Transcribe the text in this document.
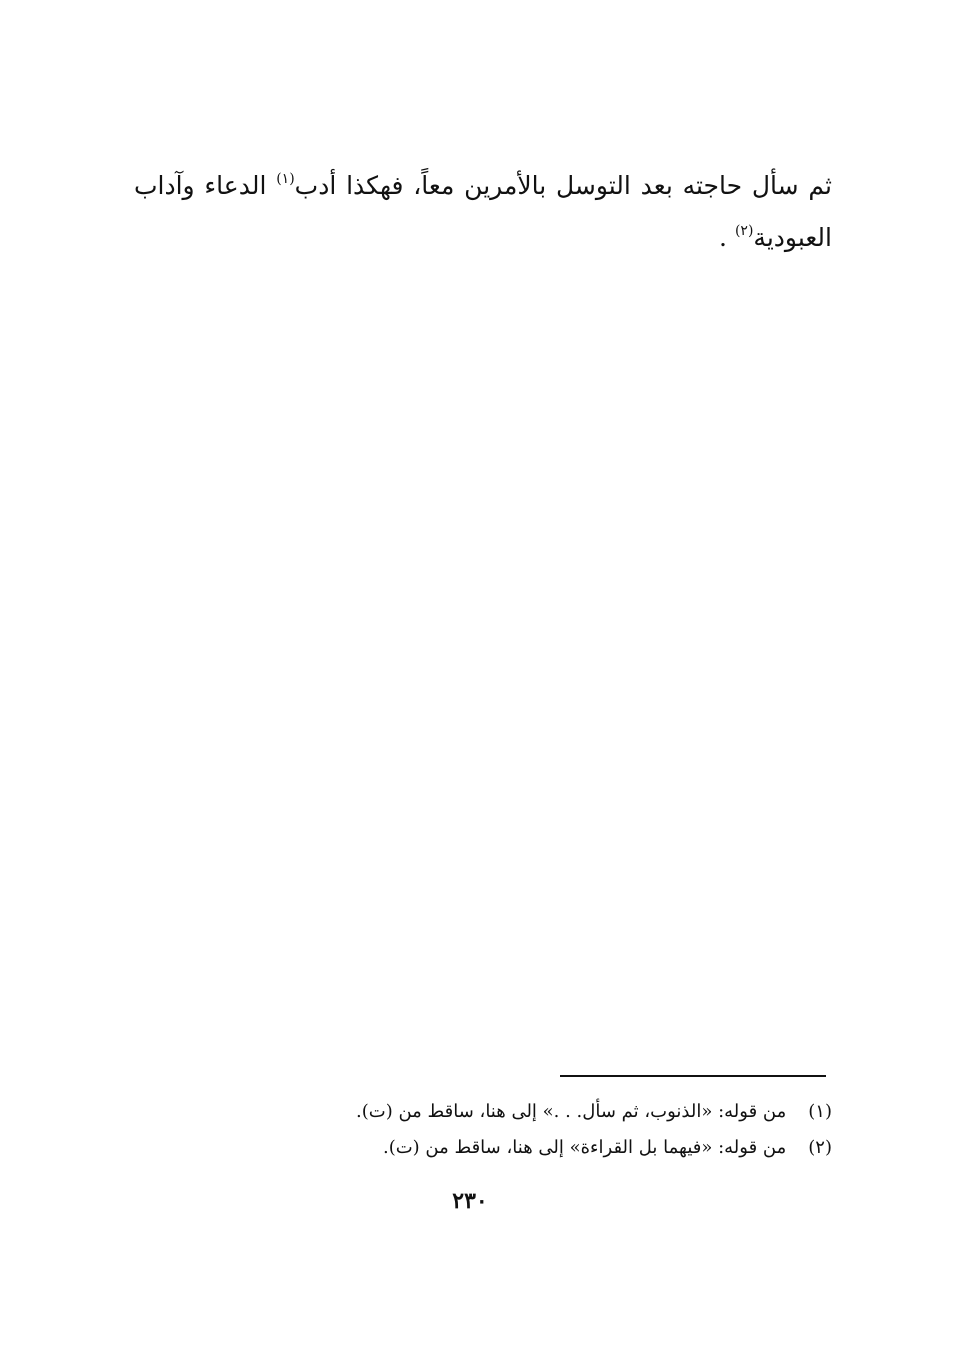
ثم سأل حاجته بعد التوسل بالأمرين معاً، فهكذا أدب$^{(١)}$ الدعاء وآداب
العبودية$^{(٢)}$ .
(١) من قوله: «الذنوب، ثم سأل. . .» إلى هنا، ساقط من (ت).
(٢) من قوله: «فيهما بل القراءة» إلى هنا، ساقط من (ت).
٢٣٠
